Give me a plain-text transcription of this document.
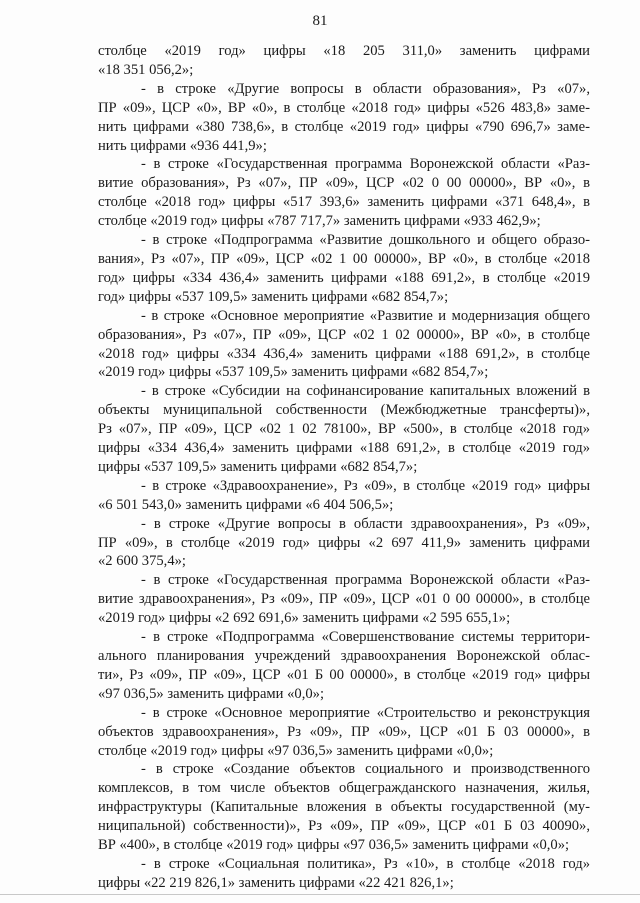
81
столбце «2019 год» цифры «18 205 311,0» заменить цифрами
«18 351 056,2»;
- в строке «Другие вопросы в области образования», Рз «07»,
ПР «09», ЦСР «0», ВР «0», в столбце «2018 год» цифры «526 483,8» заме-
нить цифрами «380 738,6», в столбце «2019 год» цифры «790 696,7» заме-
нить цифрами «936 441,9»;
- в строке «Государственная программа Воронежской области «Раз-
витие образования», Рз «07», ПР «09», ЦСР «02 0 00 00000», ВР «0», в
столбце «2018 год» цифры «517 393,6» заменить цифрами «371 648,4», в
столбце «2019 год» цифры «787 717,7» заменить цифрами «933 462,9»;
- в строке «Подпрограмма «Развитие дошкольного и общего образо-
вания», Рз «07», ПР «09», ЦСР «02 1 00 00000», ВР «0», в столбце «2018
год» цифры «334 436,4» заменить цифрами «188 691,2», в столбце «2019
год» цифры «537 109,5» заменить цифрами «682 854,7»;
- в строке «Основное мероприятие «Развитие и модернизация общего
образования», Рз «07», ПР «09», ЦСР «02 1 02 00000», ВР «0», в столбце
«2018 год» цифры «334 436,4» заменить цифрами «188 691,2», в столбце
«2019 год» цифры «537 109,5» заменить цифрами «682 854,7»;
- в строке «Субсидии на софинансирование капитальных вложений в
объекты муниципальной собственности (Межбюджетные трансферты)»,
Рз «07», ПР «09», ЦСР «02 1 02 78100», ВР «500», в столбце «2018 год»
цифры «334 436,4» заменить цифрами «188 691,2», в столбце «2019 год»
цифры «537 109,5» заменить цифрами «682 854,7»;
- в строке «Здравоохранение», Рз «09», в столбце «2019 год» цифры
«6 501 543,0» заменить цифрами «6 404 506,5»;
- в строке «Другие вопросы в области здравоохранения», Рз «09»,
ПР «09», в столбце «2019 год» цифры «2 697 411,9» заменить цифрами
«2 600 375,4»;
- в строке «Государственная программа Воронежской области «Раз-
витие здравоохранения», Рз «09», ПР «09», ЦСР «01 0 00 00000», в столбце
«2019 год» цифры «2 692 691,6» заменить цифрами «2 595 655,1»;
- в строке «Подпрограмма «Совершенствование системы территори-
ального планирования учреждений здравоохранения Воронежской облас-
ти», Рз «09», ПР «09», ЦСР «01 Б 00 00000», в столбце «2019 год» цифры
«97 036,5» заменить цифрами «0,0»;
- в строке «Основное мероприятие «Строительство и реконструкция
объектов здравоохранения», Рз «09», ПР «09», ЦСР «01 Б 03 00000», в
столбце «2019 год» цифры «97 036,5» заменить цифрами «0,0»;
- в строке «Создание объектов социального и производственного
комплексов, в том числе объектов общегражданского назначения, жилья,
инфраструктуры (Капитальные вложения в объекты государственной (му-
ниципальной) собственности)», Рз «09», ПР «09», ЦСР «01 Б 03 40090»,
ВР «400», в столбце «2019 год» цифры «97 036,5» заменить цифрами «0,0»;
- в строке «Социальная политика», Рз «10», в столбце «2018 год»
цифры «22 219 826,1» заменить цифрами «22 421 826,1»;
